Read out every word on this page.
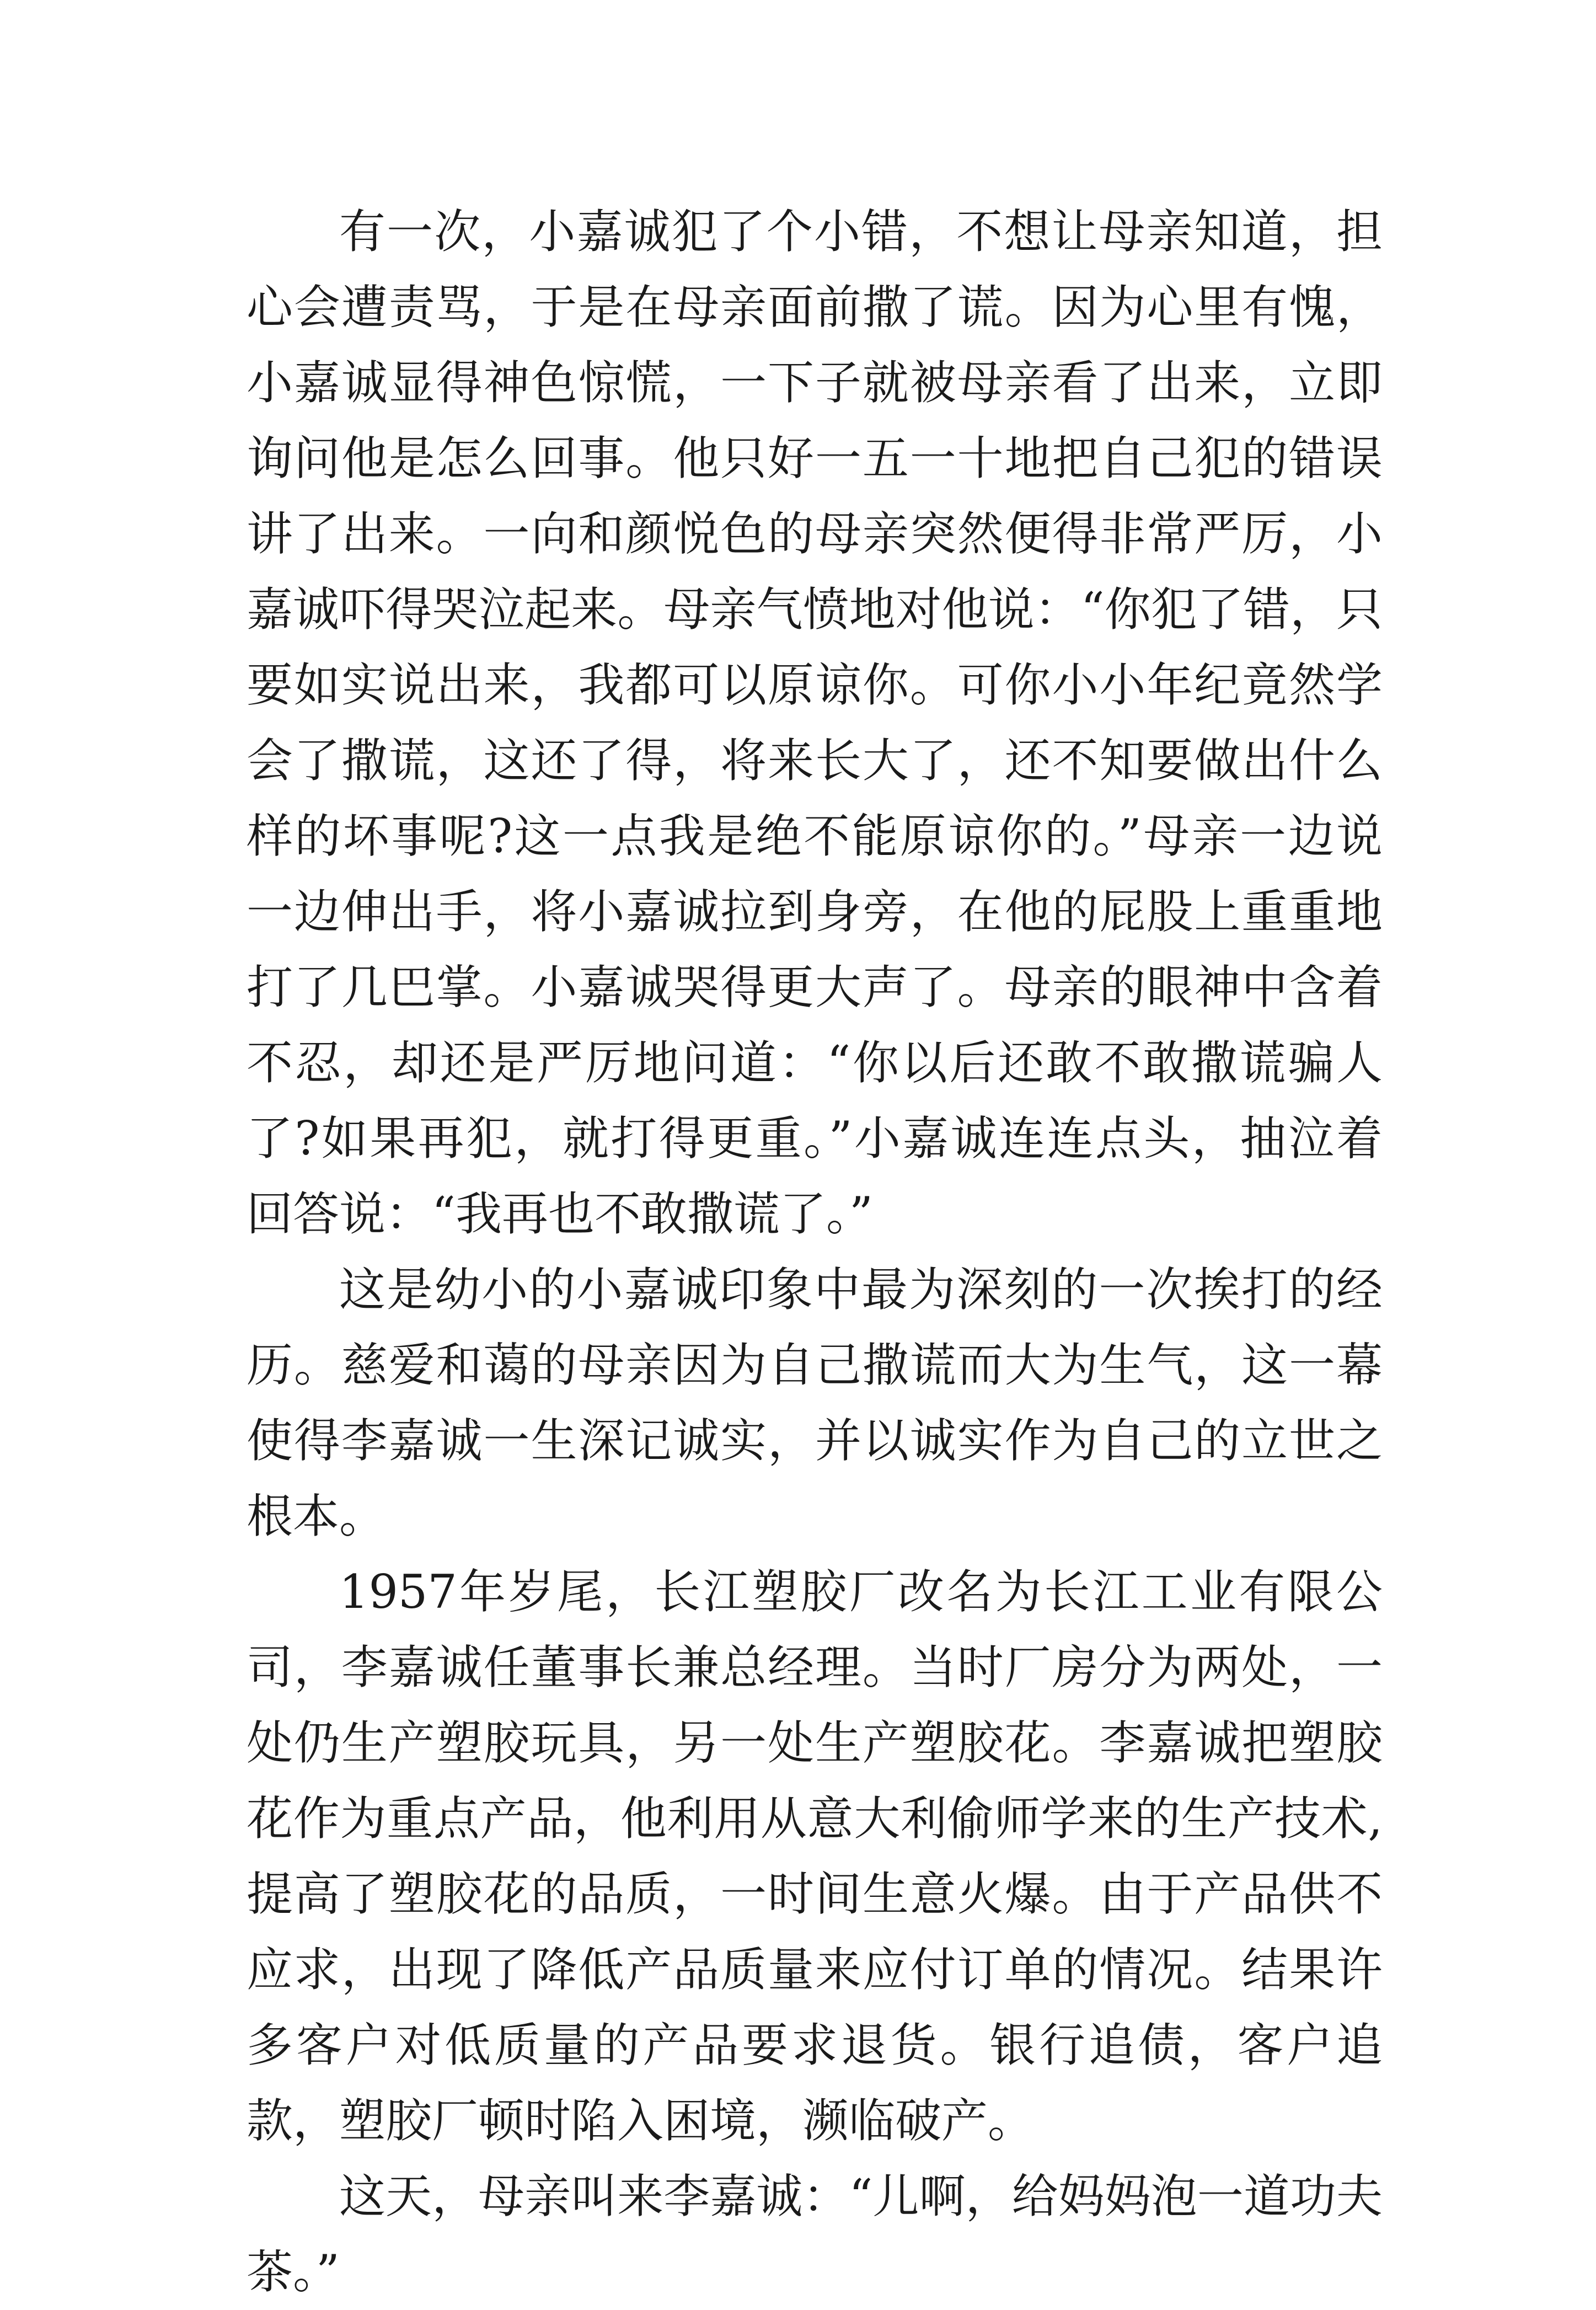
有一次，小嘉诚犯了个小错，不想让母亲知道，担心会遭责骂，于是在母亲面前撒了谎。因为心里有愧，小嘉诚显得神色惊慌，一下子就被母亲看了出来，立即询问他是怎么回事。他只好一五一十地把自己犯的错误讲了出来。一向和颜悦色的母亲突然便得非常严厉，小嘉诚吓得哭泣起来。母亲气愤地对他说：“你犯了错，只要如实说出来，我都可以原谅你。可你小小年纪竟然学会了撒谎，这还了得，将来长大了，还不知要做出什么样的坏事呢?这一点我是绝不能原谅你的。”母亲一边说一边伸出手，将小嘉诚拉到身旁，在他的屁股上重重地打了几巴掌。小嘉诚哭得更大声了。母亲的眼神中含着不忍，却还是严厉地问道：“你以后还敢不敢撒谎骗人了?如果再犯，就打得更重。”小嘉诚连连点头，抽泣着回答说：“我再也不敢撒谎了。”

这是幼小的小嘉诚印象中最为深刻的一次挨打的经历。慈爱和蔼的母亲因为自己撒谎而大为生气，这一幕使得李嘉诚一生深记诚实，并以诚实作为自己的立世之根本。

1957年岁尾，长江塑胶厂改名为长江工业有限公司，李嘉诚任董事长兼总经理。当时厂房分为两处，一处仍生产塑胶玩具，另一处生产塑胶花。李嘉诚把塑胶花作为重点产品，他利用从意大利偷师学来的生产技术,提高了塑胶花的品质，一时间生意火爆。由于产品供不应求，出现了降低产品质量来应付订单的情况。结果许多客户对低质量的产品要求退货。银行追债，客户追款，塑胶厂顿时陷入困境，濒临破产。

这天，母亲叫来李嘉诚：“儿啊，给妈妈泡一道功夫茶。”
